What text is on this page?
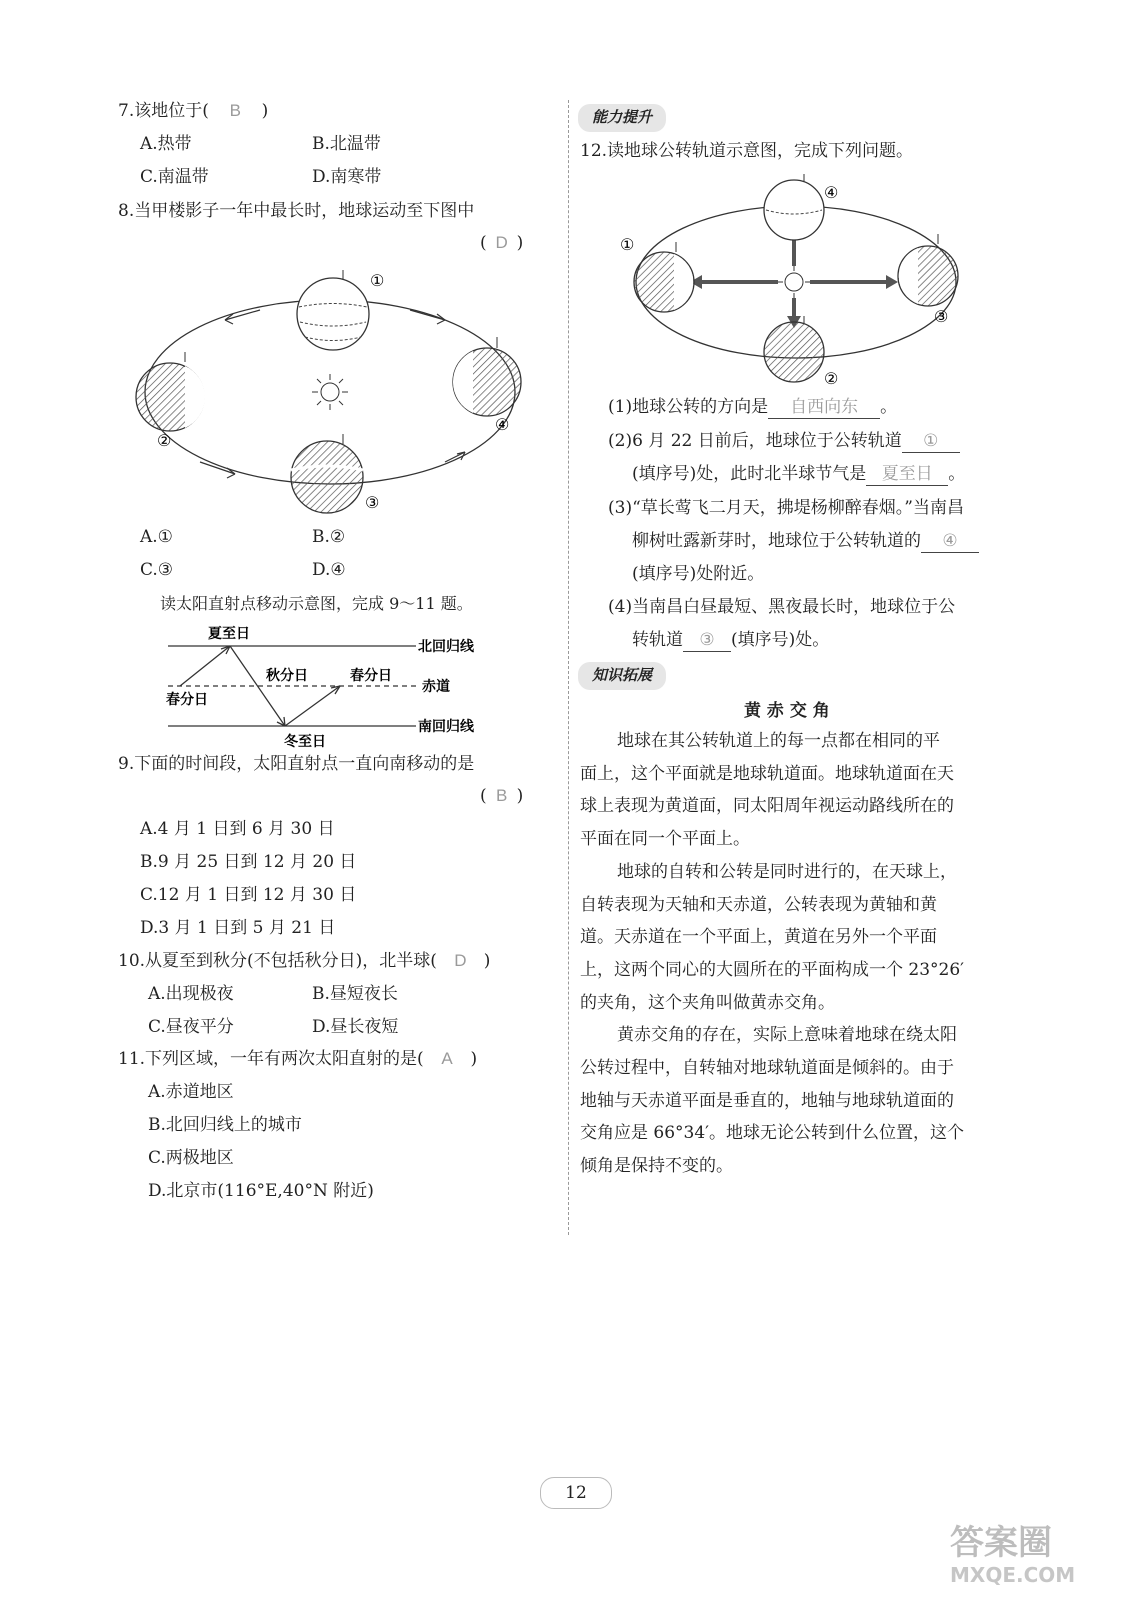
7.该地位于( B )
A.热带	B.北温带
C.南温带	D.南寒带
8.当甲楼影子一年中最长时，地球运动至下图中
( D )
①
②
③
④
A.①	B.②
C.③	D.④
读太阳直射点移动示意图，完成 9～11 题。
夏至日
秋分日	春分日
春分日
冬至日
北回归线
赤道
南回归线
9.下面的时间段，太阳直射点一直向南移动的是
( B )
A.4 月 1 日到 6 月 30 日
B.9 月 25 日到 12 月 20 日
C.12 月 1 日到 12 月 30 日
D.3 月 1 日到 5 月 21 日
10.从夏至到秋分(不包括秋分日)，北半球( D )
A.出现极夜	B.昼短夜长
C.昼夜平分	D.昼长夜短
11.下列区域，一年有两次太阳直射的是( A )
A.赤道地区
B.北回归线上的城市
C.两极地区
D.北京市(116°E,40°N 附近)
能力提升
12.读地球公转轨道示意图，完成下列问题。
①
②
③
④
(1)地球公转的方向是 自西向东 。
(2)6 月 22 日前后，地球位于公转轨道 ①
(填序号)处，此时北半球节气是 夏至日 。
(3)“草长莺飞二月天，拂堤杨柳醉春烟。”当南昌
柳树吐露新芽时，地球位于公转轨道的 ④
(填序号)处附近。
(4)当南昌白昼最短、黑夜最长时，地球位于公
转轨道 ③ (填序号)处。
知识拓展
黄 赤 交 角
地球在其公转轨道上的每一点都在相同的平
面上，这个平面就是地球轨道面。地球轨道面在天
球上表现为黄道面，同太阳周年视运动路线所在的
平面在同一个平面上。
地球的自转和公转是同时进行的，在天球上，
自转表现为天轴和天赤道，公转表现为黄轴和黄
道。天赤道在一个平面上，黄道在另外一个平面
上，这两个同心的大圆所在的平面构成一个 23°26′
的夹角，这个夹角叫做黄赤交角。
黄赤交角的存在，实际上意味着地球在绕太阳
公转过程中，自转轴对地球轨道面是倾斜的。由于
地轴与天赤道平面是垂直的，地轴与地球轨道面的
交角应是 66°34′。地球无论公转到什么位置，这个
倾角是保持不变的。
12
答案圈
MXQE.COM
